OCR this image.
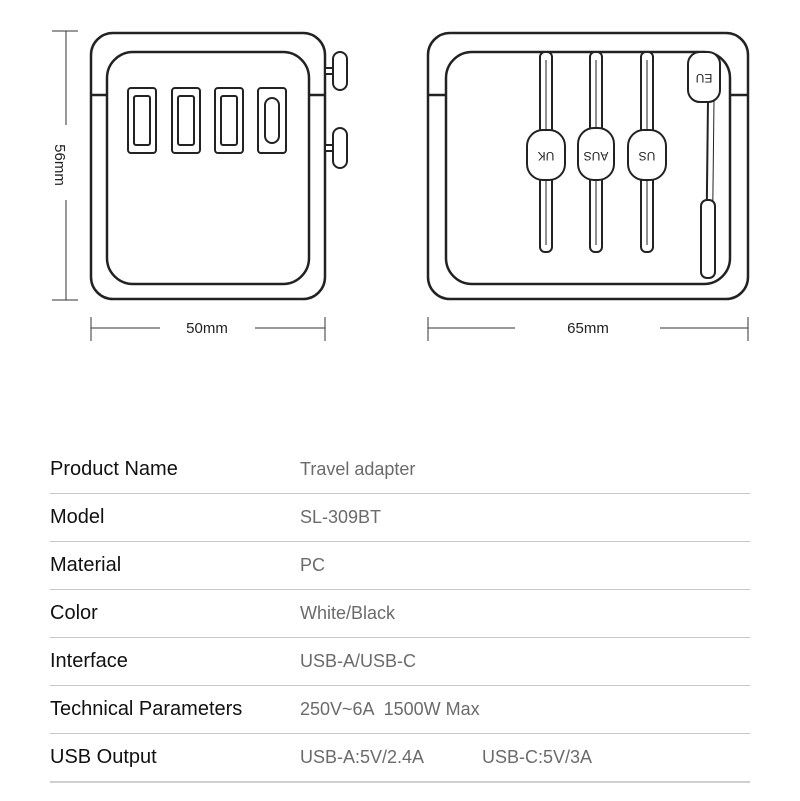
56mm
50mm
UK AUS	US
EU
65mm
Product Name	Travel adapter
Model	SL-309BT
Material	PC
Color	White/Black
Interface	USB-A/USB-C
Technical Parameters	250V~6A  1500W Max
USB Output	USB-A:5V/2.4A	USB-C:5V/3A
